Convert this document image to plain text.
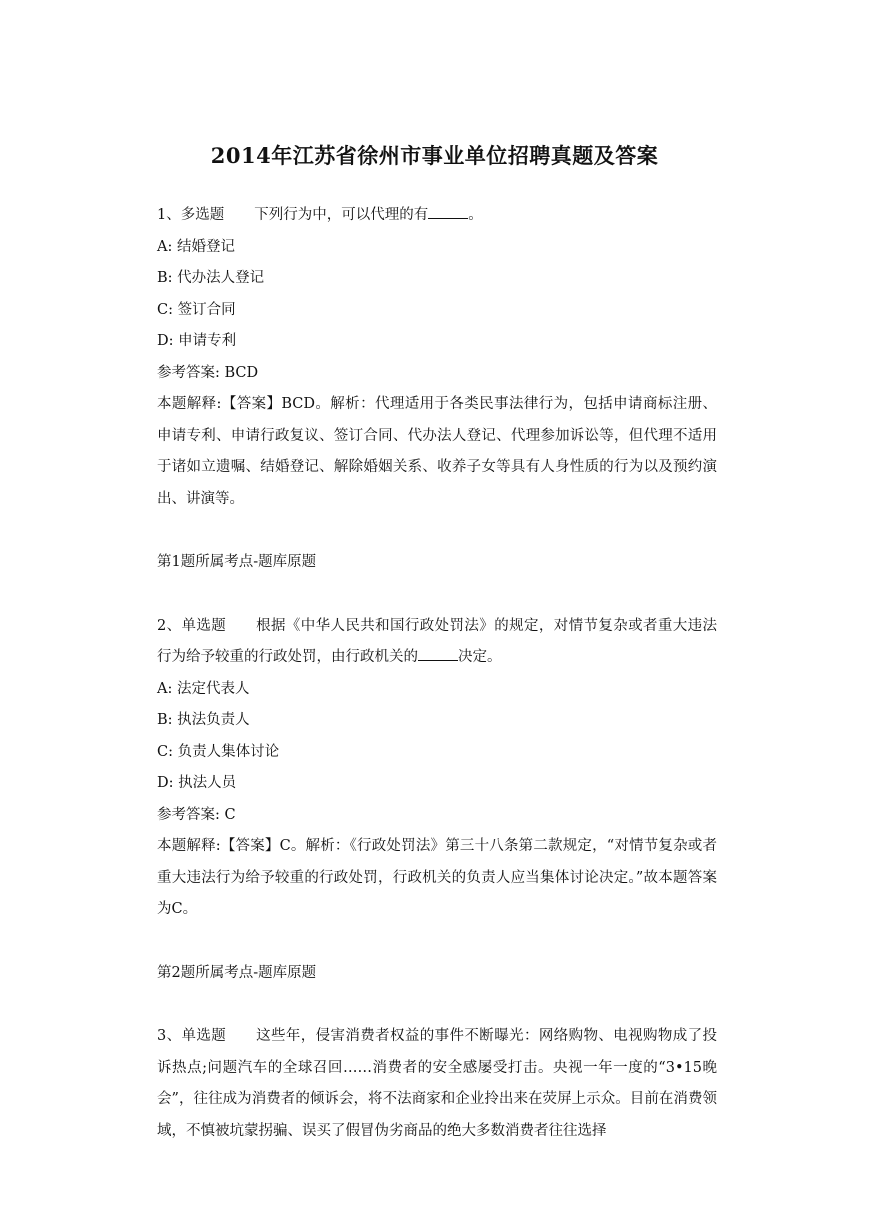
2014年江苏省徐州市事业单位招聘真题及答案
1、多选题 下列行为中，可以代理的有	。
A: 结婚登记
B: 代办法人登记
C: 签订合同
D: 申请专利
参考答案: BCD
本题解释:【答案】BCD。解析：代理适用于各类民事法律行为，包括申请商标注册、申请专利、申请行政复议、签订合同、代办法人登记、代理参加诉讼等，但代理不适用于诸如立遗嘱、结婚登记、解除婚姻关系、收养子女等具有人身性质的行为以及预约演出、讲演等。
第1题所属考点-题库原题
2、单选题 根据《中华人民共和国行政处罚法》的规定，对情节复杂或者重大违法行为给予较重的行政处罚，由行政机关的	决定。
A: 法定代表人
B: 执法负责人
C: 负责人集体讨论
D: 执法人员
参考答案: C
本题解释:【答案】C。解析：《行政处罚法》第三十八条第二款规定，“对情节复杂或者重大违法行为给予较重的行政处罚，行政机关的负责人应当集体讨论决定。”故本题答案为C。
第2题所属考点-题库原题
3、单选题 这些年，侵害消费者权益的事件不断曝光：网络购物、电视购物成了投诉热点;问题汽车的全球召回……消费者的安全感屡受打击。央视一年一度的“3•15晚会”，往往成为消费者的倾诉会，将不法商家和企业拎出来在荧屏上示众。目前在消费领域，不慎被坑蒙拐骗、误买了假冒伪劣商品的绝大多数消费者往往选择
